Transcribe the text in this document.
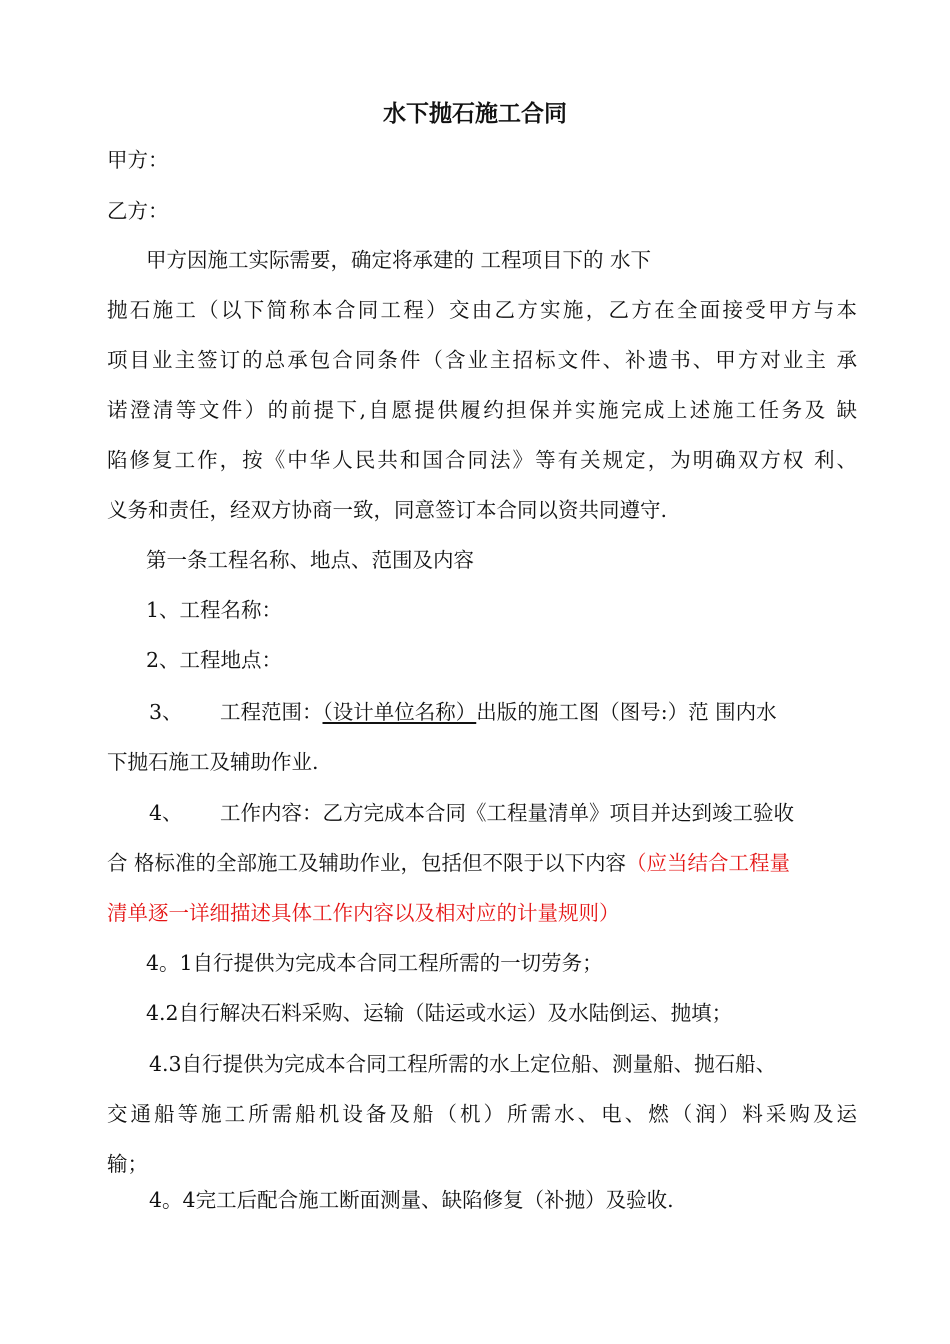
水下抛石施工合同

甲方：

乙方：

甲方因施工实际需要，确定将承建的 工程项目下的 水下

抛石施工（以下简称本合同工程）交由乙方实施，乙方在全面接受甲方与本

项目业主签订的总承包合同条件（含业主招标文件、补遗书、甲方对业主 承

诺澄清等文件）的前提下,自愿提供履约担保并实施完成上述施工任务及 缺

陷修复工作，按《中华人民共和国合同法》等有关规定，为明确双方权 利、

义务和责任，经双方协商一致，同意签订本合同以资共同遵守.

第一条工程名称、地点、范围及内容

1、工程名称：

2、工程地点：

3、 工程范围：（设计单位名称）出版的施工图（图号:）范 围内水

下抛石施工及辅助作业.

4、 工作内容：乙方完成本合同《工程量清单》项目并达到竣工验收

合 格标准的全部施工及辅助作业，包括但不限于以下内容（应当结合工程量

清单逐一详细描述具体工作内容以及相对应的计量规则）

4。1自行提供为完成本合同工程所需的一切劳务；

4.2自行解决石料采购、运输（陆运或水运）及水陆倒运、抛填；

4.3自行提供为完成本合同工程所需的水上定位船、测量船、抛石船、

交通船等施工所需船机设备及船（机）所需水、电、燃（润）料采购及运

输；

4。4完工后配合施工断面测量、缺陷修复（补抛）及验收.
